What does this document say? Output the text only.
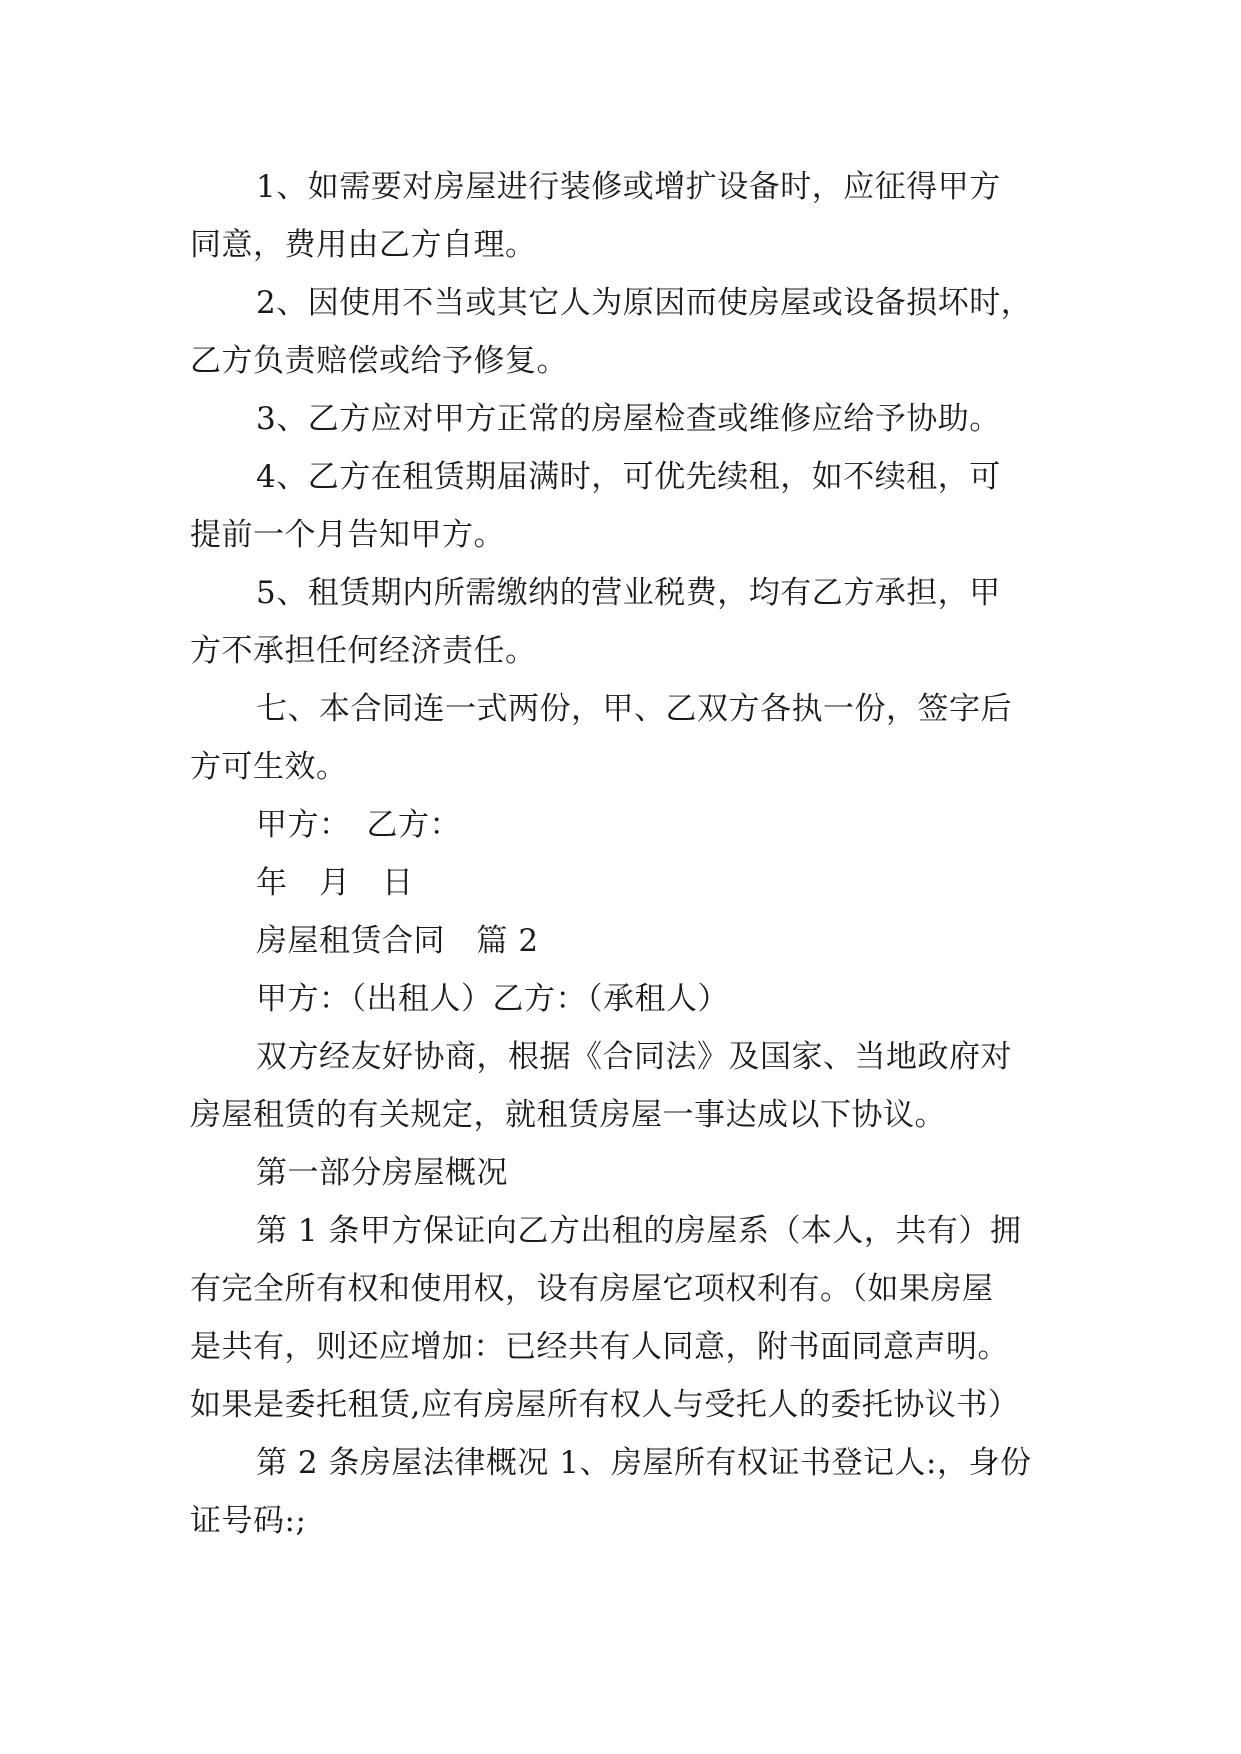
1、如需要对房屋进行装修或增扩设备时，应征得甲方
同意，费用由乙方自理。
2、因使用不当或其它人为原因而使房屋或设备损坏时，
乙方负责赔偿或给予修复。
3、乙方应对甲方正常的房屋检查或维修应给予协助。
4、乙方在租赁期届满时，可优先续租，如不续租，可
提前一个月告知甲方。
5、租赁期内所需缴纳的营业税费，均有乙方承担，甲
方不承担任何经济责任。
七、本合同连一式两份，甲、乙双方各执一份，签字后
方可生效。
甲方：　乙方：
年　月　日
房屋租赁合同　篇 2
甲方：（出租人）乙方：（承租人）
双方经友好协商，根据《合同法》及国家、当地政府对
房屋租赁的有关规定，就租赁房屋一事达成以下协议。
第一部分房屋概况
第 1 条甲方保证向乙方出租的房屋系（本人，共有）拥
有完全所有权和使用权，设有房屋它项权利有。（如果房屋
是共有，则还应增加：已经共有人同意，附书面同意声明。
如果是委托租赁,应有房屋所有权人与受托人的委托协议书）
第 2 条房屋法律概况 1、房屋所有权证书登记人:，身份
证号码:;
